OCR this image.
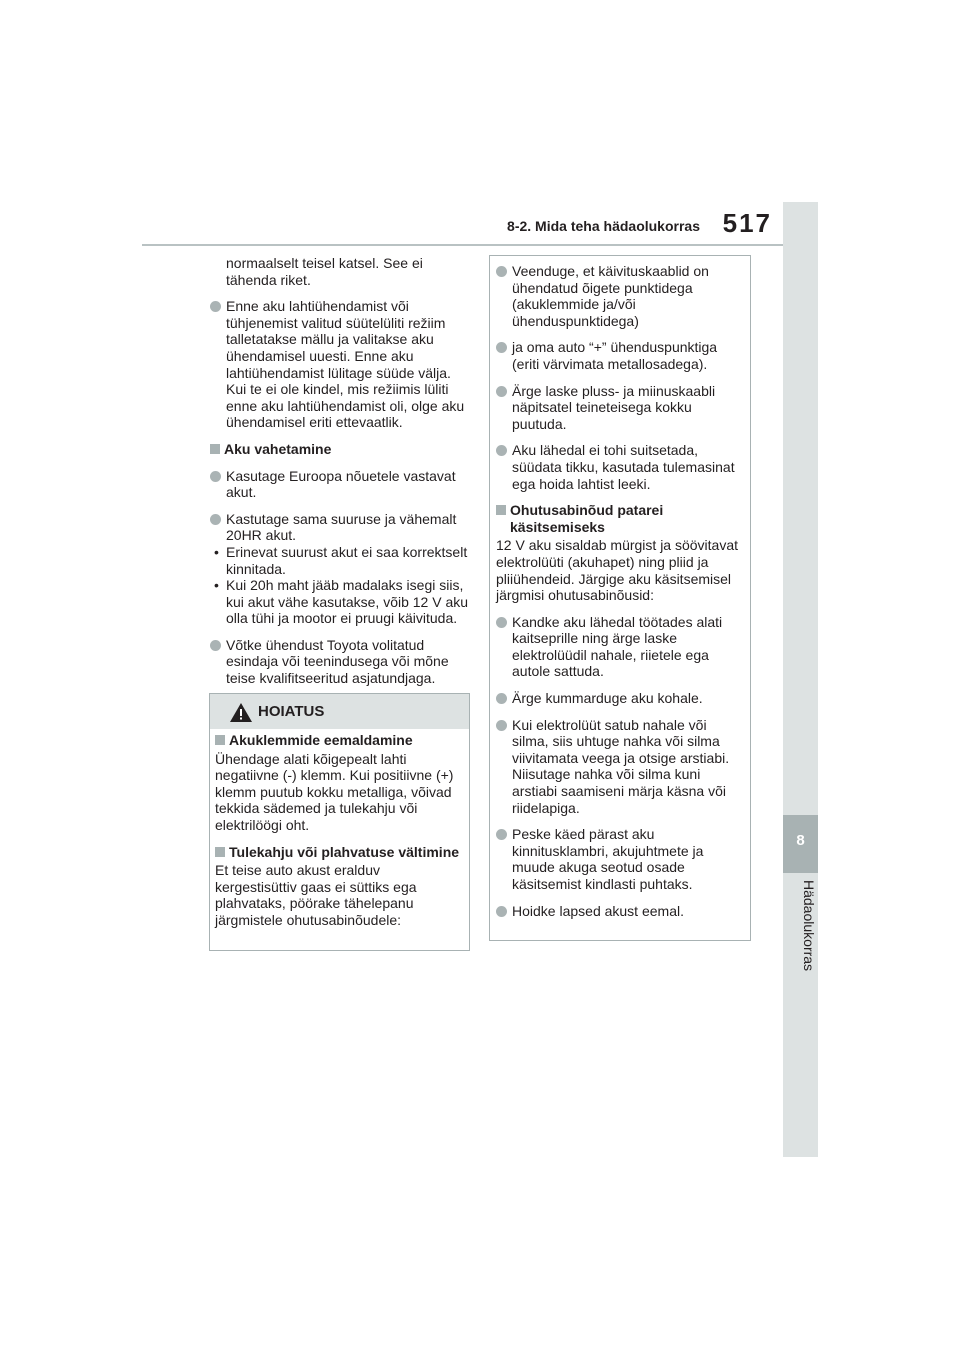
8
Hädaolukorras
8-2. Mida teha hädaolukorras 517

normaalselt teisel katsel. See ei tähenda riket.

Enne aku lahtiühendamist või tühjenemist valitud süütelüliti režiim talletatakse mällu ja valitakse aku ühendamisel uuesti. Enne aku lahtiühendamist lülitage süüde välja. Kui te ei ole kindel, mis režiimis lüliti enne aku lahtiühendamist oli, olge aku ühendamisel eriti ettevaatlik.
Aku vahetamine
Kasutage Euroopa nõuetele vastavat akut.
Kastutage sama suuruse ja vähemalt 20HR akut.
• Erinevat suurust akut ei saa korrektselt kinnitada.
• Kui 20h maht jääb madalaks isegi siis, kui akut vähe kasutakse, võib 12 V aku olla tühi ja mootor ei pruugi käivituda.
Võtke ühendust Toyota volitatud esindaja või teenindusega või mõne teise kvalifitseeritud asjatundjaga.
HOIATUS
Akuklemmide eemaldamine

Ühendage alati kõigepealt lahti negatiivne (-) klemm. Kui positiivne (+) klemm puutub kokku metalliga, võivad tekkida sädemed ja tulekahju või elektrilöögi oht.

Tulekahju või plahvatuse vältimine

Et teise auto akust eralduv kergestisüttiv gaas ei süttiks ega plahvataks, pöörake tähelepanu järgmistele ohutusabinõudele:

Veenduge, et käivituskaablid on ühendatud õigete punktidega (akuklemmide ja/või ühenduspunktidega)
ja oma auto “+” ühenduspunktiga (eriti värvimata metallosadega).
Ärge laske pluss- ja miinuskaabli näpitsatel teineteisega kokku puutuda.
Aku lähedal ei tohi suitsetada, süüdata tikku, kasutada tulemasinat ega hoida lahtist leeki.
Ohutusabinõud patarei käsitsemiseks

12 V aku sisaldab mürgist ja söövitavat elektrolüüti (akuhapet) ning pliid ja pliiühendeid. Järgige aku käsitsemisel järgmisi ohutusabinõusid:

Kandke aku lähedal töötades alati kaitseprille ning ärge laske elektrolüüdil nahale, riietele ega autole sattuda.
Ärge kummarduge aku kohale.
Kui elektrolüüt satub nahale või silma, siis uhtuge nahka või silma viivitamata veega ja otsige arstiabi. Niisutage nahka või silma kuni arstiabi saamiseni märja käsna või riidelapiga.
Peske käed pärast aku kinnitusklambri, akujuhtmete ja muude akuga seotud osade käsitsemist kindlasti puhtaks.
Hoidke lapsed akust eemal.
